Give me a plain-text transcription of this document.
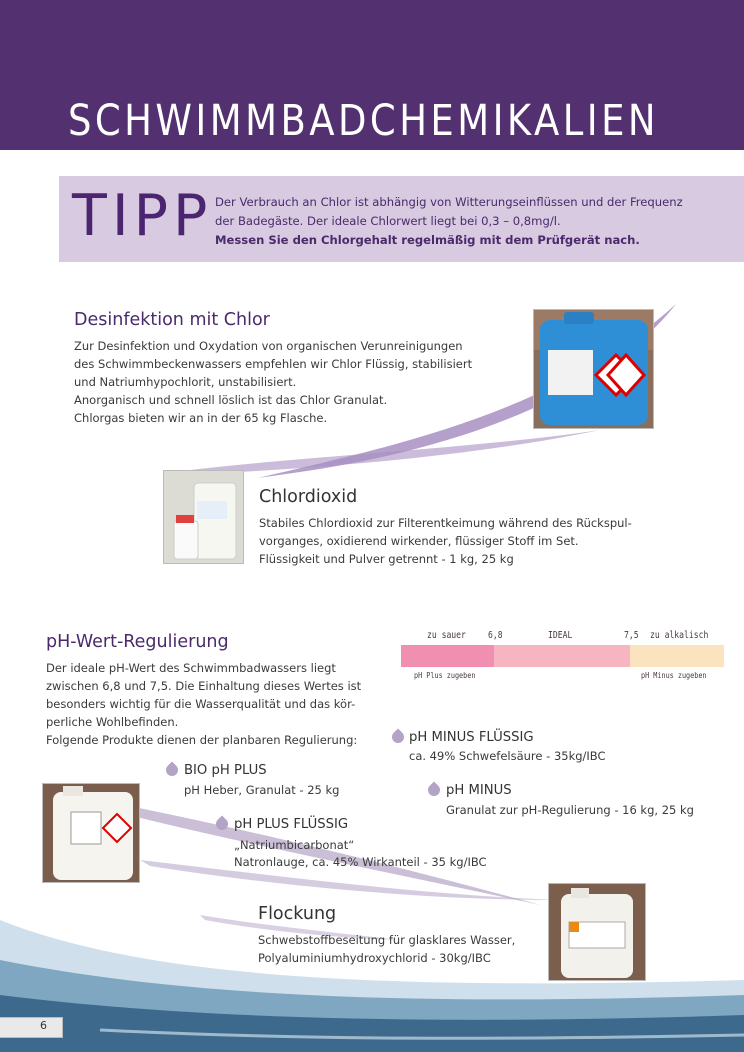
SCHWIMMBADCHEMIKALIEN
TIPP Der Verbrauch an Chlor ist abhängig von Witterungseinflüssen und der Frequenz
der Badegäste. Der ideale Chlorwert liegt bei 0,3 – 0,8mg/l.
Messen Sie den Chlorgehalt regelmäßig mit dem Prüfgerät nach.
Desinfektion mit Chlor
Zur Desinfektion und Oxydation von organischen Verunreinigungen
des Schwimmbeckenwassers empfehlen wir Chlor Flüssig, stabilisiert
und Natriumhypochlorit, unstabilisiert.
Anorganisch und schnell löslich ist das Chlor Granulat.
Chlorgas bieten wir an in der 65 kg Flasche.
Chlordioxid
Stabiles Chlordioxid zur Filterentkeimung während des Rückspul-
vorganges, oxidierend wirkender, flüssiger Stoff im Set.
Flüssigkeit und Pulver getrennt - 1 kg, 25 kg
pH-Wert-Regulierung
Der ideale pH-Wert des Schwimmbadwassers liegt
zwischen 6,8 und 7,5. Die Einhaltung dieses Wertes ist
besonders wichtig für die Wasserqualität und das kör-
perliche Wohlbefinden.
Folgende Produkte dienen der planbaren Regulierung:
zu sauer 6,8	IDEAL	7,5 zu alkalisch
pH Plus zugeben	pH Minus zugeben
pH MINUS FLÜSSIG
ca. 49% Schwefelsäure - 35kg/IBC
BIO pH PLUS
pH Heber, Granulat - 25 kg	pH MINUS
Granulat zur pH-Regulierung - 16 kg, 25 kg
pH PLUS FLÜSSIG
„Natriumbicarbonat“
Natronlauge, ca. 45% Wirkanteil - 35 kg/IBC
Flockung
Schwebstoffbeseitung für glasklares Wasser,
Polyaluminiumhydroxychlorid - 30kg/IBC
6
